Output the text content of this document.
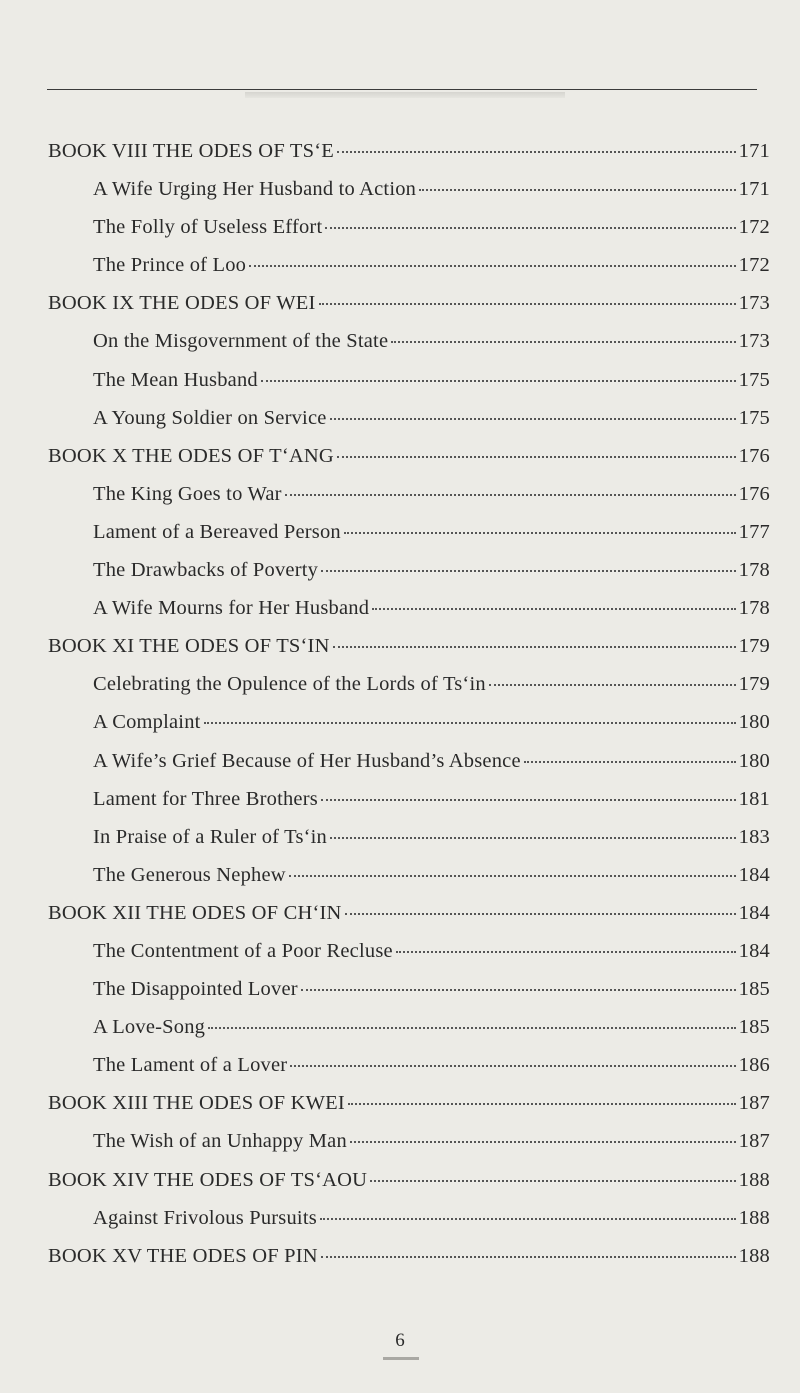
BOOK VIII THE ODES OF TS‘E	171
A Wife Urging Her Husband to Action	171
The Folly of Useless Effort	172
The Prince of Loo	172
BOOK IX THE ODES OF WEI	173
On the Misgovernment of the State	173
The Mean Husband	175
A Young Soldier on Service	175
BOOK X THE ODES OF T‘ANG	176
The King Goes to War	176
Lament of a Bereaved Person	177
The Drawbacks of Poverty	178
A Wife Mourns for Her Husband	178
BOOK XI THE ODES OF TS‘IN	179
Celebrating the Opulence of the Lords of Ts‘in	179
A Complaint	180
A Wife’s Grief Because of Her Husband’s Absence	180
Lament for Three Brothers	181
In Praise of a Ruler of Ts‘in	183
The Generous Nephew	184
BOOK XII THE ODES OF CH‘IN	184
The Contentment of a Poor Recluse	184
The Disappointed Lover	185
A Love-Song	185
The Lament of a Lover	186
BOOK XIII THE ODES OF KWEI	187
The Wish of an Unhappy Man	187
BOOK XIV THE ODES OF TS‘AOU	188
Against Frivolous Pursuits	188
BOOK XV THE ODES OF PIN	188
6
